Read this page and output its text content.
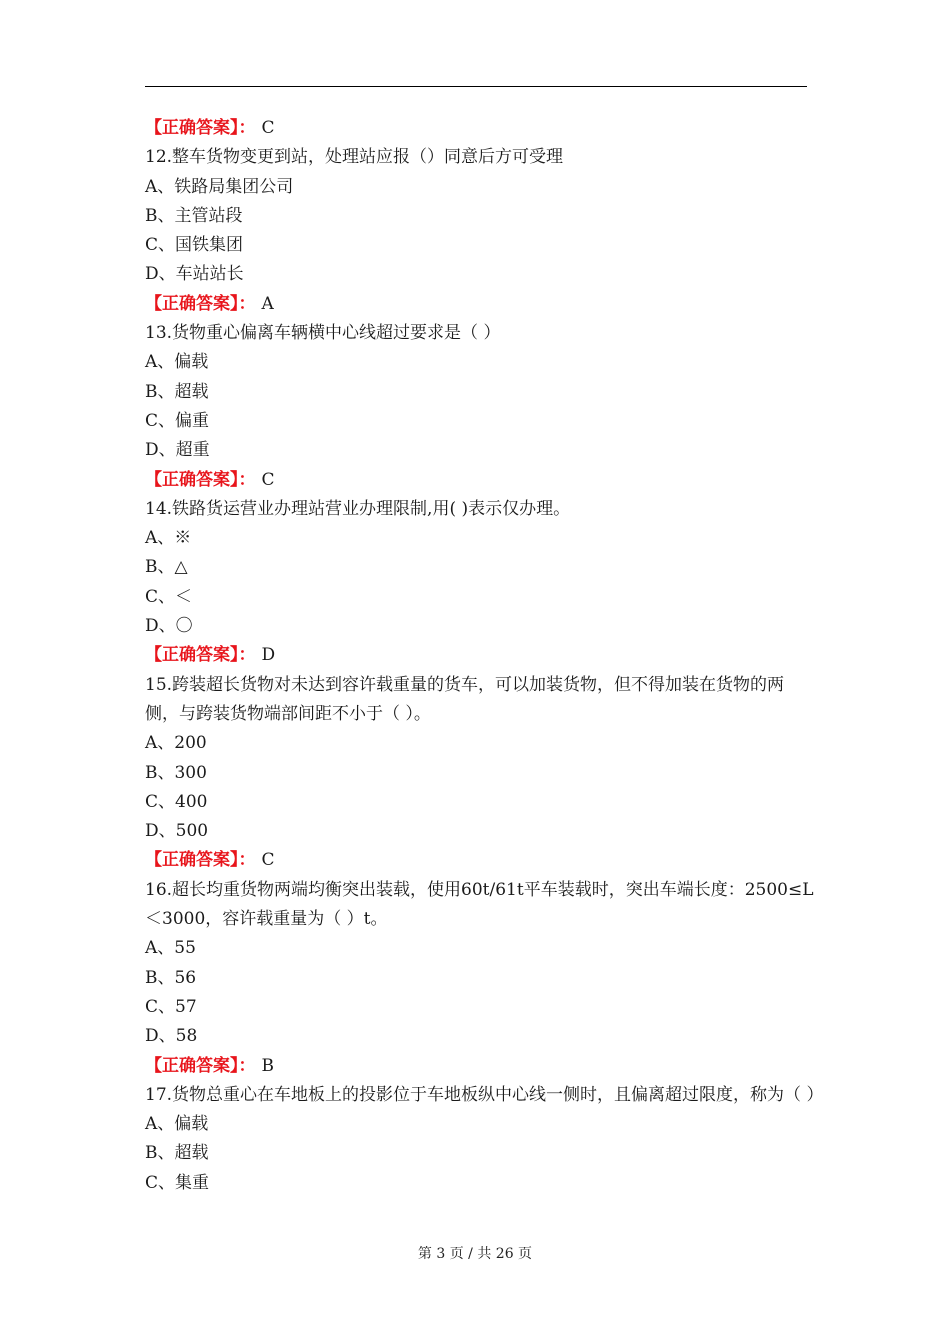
【正确答案】： C
12.整车货物变更到站，处理站应报（）同意后方可受理
A、铁路局集团公司
B、主管站段
C、国铁集团
D、车站站长
【正确答案】： A
13.货物重心偏离车辆横中心线超过要求是（ ）
A、偏载
B、超载
C、偏重
D、超重
【正确答案】： C
14.铁路货运营业办理站营业办理限制,用( )表示仅办理。
A、※
B、△
C、＜
D、〇
【正确答案】： D
15.跨装超长货物对未达到容许载重量的货车，可以加装货物，但不得加装在货物的两侧，与跨装货物端部间距不小于（ ）。
A、200
B、300
C、400
D、500
【正确答案】： C
16.超长均重货物两端均衡突出装载，使用60t/61t平车装载时，突出车端长度：2500≤L＜3000，容许载重量为（ ）t。
A、55
B、56
C、57
D、58
【正确答案】： B
17.货物总重心在车地板上的投影位于车地板纵中心线一侧时，且偏离超过限度，称为（ ）
A、偏载
B、超载
C、集重
第 3 页 / 共 26 页
